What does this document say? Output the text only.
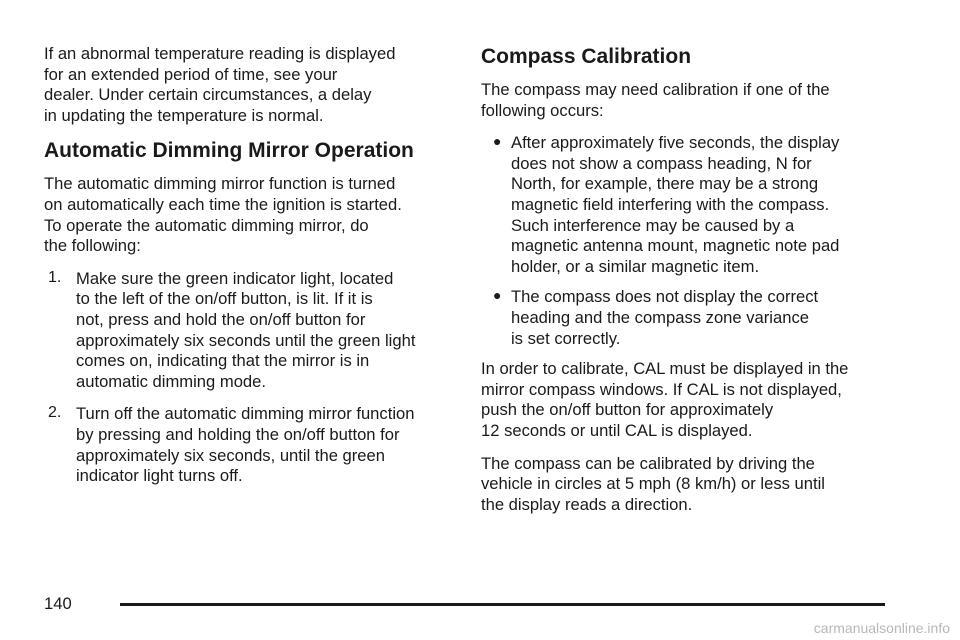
If an abnormal temperature reading is displayed
for an extended period of time, see your
dealer. Under certain circumstances, a delay
in updating the temperature is normal.

Automatic Dimming Mirror Operation

The automatic dimming mirror function is turned
on automatically each time the ignition is started.
To operate the automatic dimming mirror, do
the following:

1. Make sure the green indicator light, located
to the left of the on/off button, is lit. If it is
not, press and hold the on/off button for
approximately six seconds until the green light
comes on, indicating that the mirror is in
automatic dimming mode.

2. Turn off the automatic dimming mirror function
by pressing and holding the on/off button for
approximately six seconds, until the green
indicator light turns off.

Compass Calibration

The compass may need calibration if one of the
following occurs:

● After approximately five seconds, the display
does not show a compass heading, N for
North, for example, there may be a strong
magnetic field interfering with the compass.
Such interference may be caused by a
magnetic antenna mount, magnetic note pad
holder, or a similar magnetic item.

● The compass does not display the correct
heading and the compass zone variance
is set correctly.

In order to calibrate, CAL must be displayed in the
mirror compass windows. If CAL is not displayed,
push the on/off button for approximately
12 seconds or until CAL is displayed.

The compass can be calibrated by driving the
vehicle in circles at 5 mph (8 km/h) or less until
the display reads a direction.

140
carmanualsonline.info
